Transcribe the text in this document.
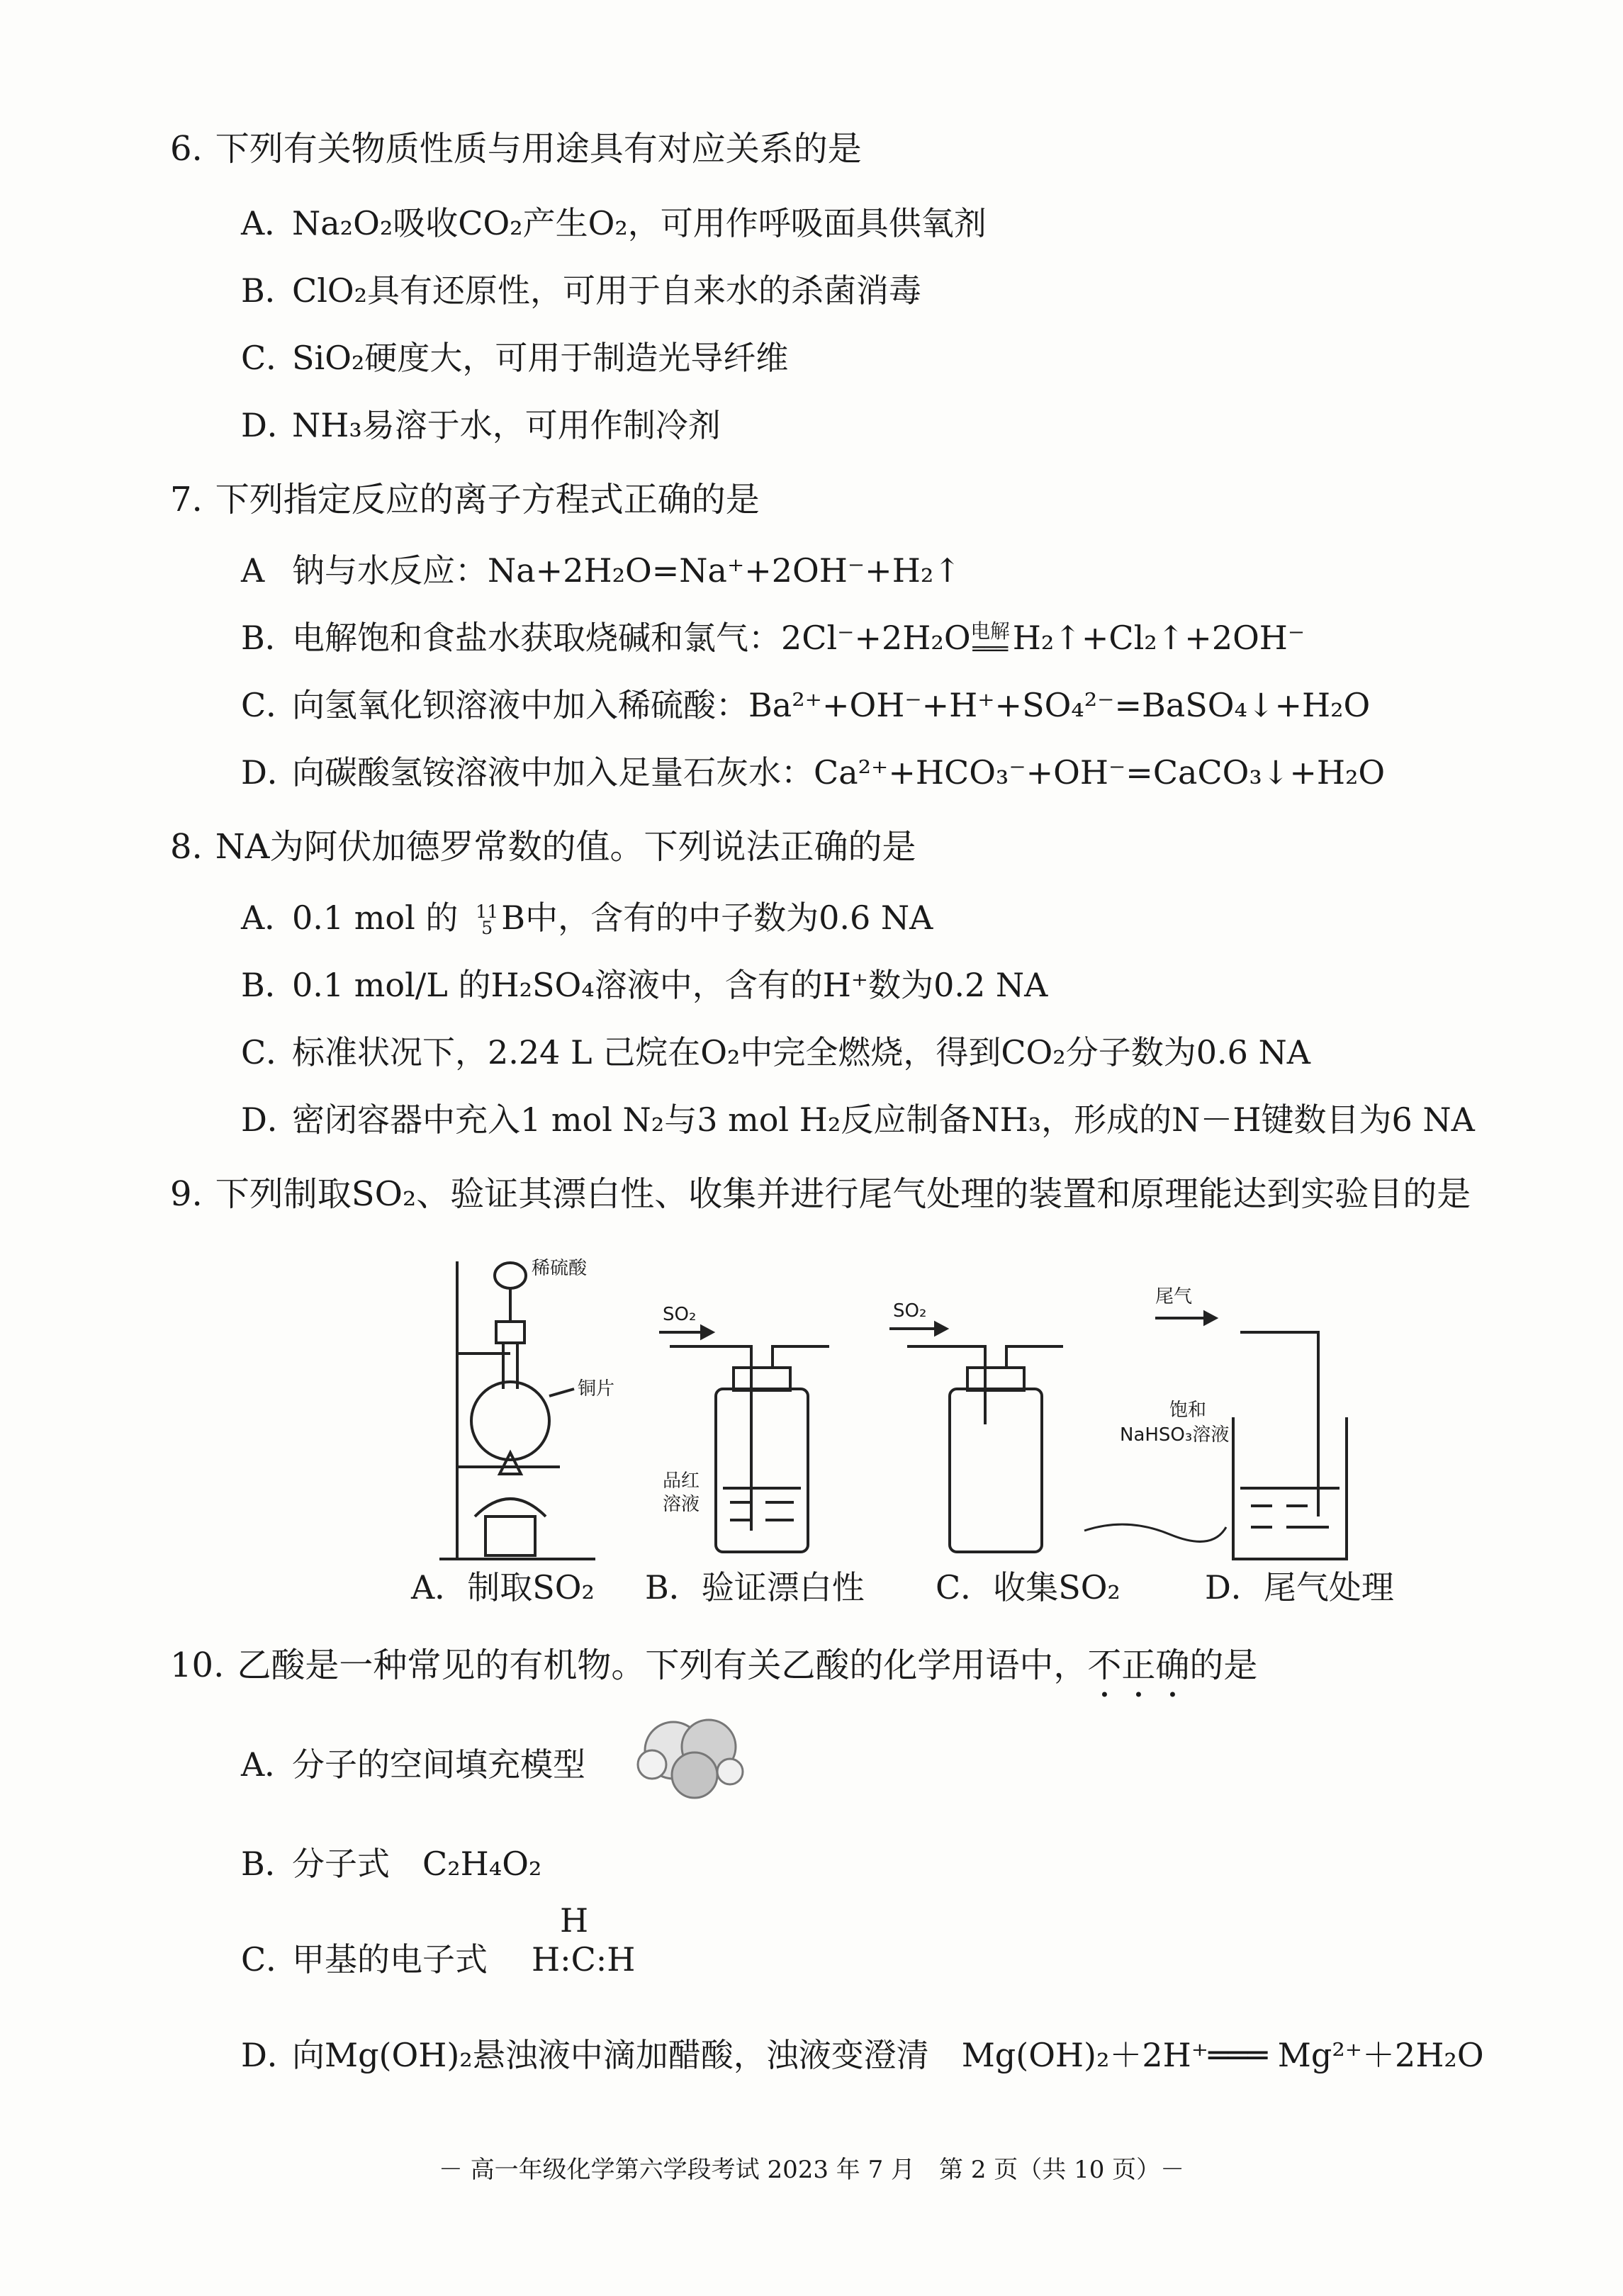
6. 下列有关物质性质与用途具有对应关系的是
A．Na₂O₂吸收CO₂产生O₂，可用作呼吸面具供氧剂
B．ClO₂具有还原性，可用于自来水的杀菌消毒
C．SiO₂硬度大，可用于制造光导纤维
D．NH₃易溶于水，可用作制冷剂
7. 下列指定反应的离子方程式正确的是
A 钠与水反应：Na+2H₂O=Na⁺+2OH⁻+H₂↑
B．电解饱和食盐水获取烧碱和氯气：2Cl⁻+2H₂O电解
═══ H₂↑+Cl₂↑+2OH⁻
C．向氢氧化钡溶液中加入稀硫酸：Ba²⁺+OH⁻+H⁺+SO₄²⁻=BaSO₄↓+H₂O
D．向碳酸氢铵溶液中加入足量石灰水：Ca²⁺+HCO₃⁻+OH⁻=CaCO₃↓+H₂O
8. NA为阿伏加德罗常数的值。下列说法正确的是
A．0.1 mol 的 11
5 B中，含有的中子数为0.6 NA
B．0.1 mol/L 的H₂SO₄溶液中，含有的H⁺数为0.2 NA
C．标准状况下，2.24 L 己烷在O₂中完全燃烧，得到CO₂分子数为0.6 NA
D．密闭容器中充入1 mol N₂与3 mol H₂反应制备NH₃，形成的N－H键数目为6 NA
9. 下列制取SO₂、验证其漂白性、收集并进行尾气处理的装置和原理能达到实验目的是
稀硫酸
铜片
SO₂
品红
溶液
SO₂
尾气
饱和
NaHSO₃溶液
A．制取SO₂ B．验证漂白性 C．收集SO₂	D．尾气处理
10. 乙酸是一种常见的有机物。下列有关乙酸的化学用语中，不正确的是
A．分子的空间填充模型
B．分子式　C₂H₄O₂
C．甲基的电子式
H
H:C:H
D．向Mg(OH)₂悬浊液中滴加醋酸，浊液变澄清　Mg(OH)₂＋2H⁺═══ Mg²⁺＋2H₂O
－ 高一年级化学第六学段考试 2023 年 7 月　第 2 页（共 10 页）－
